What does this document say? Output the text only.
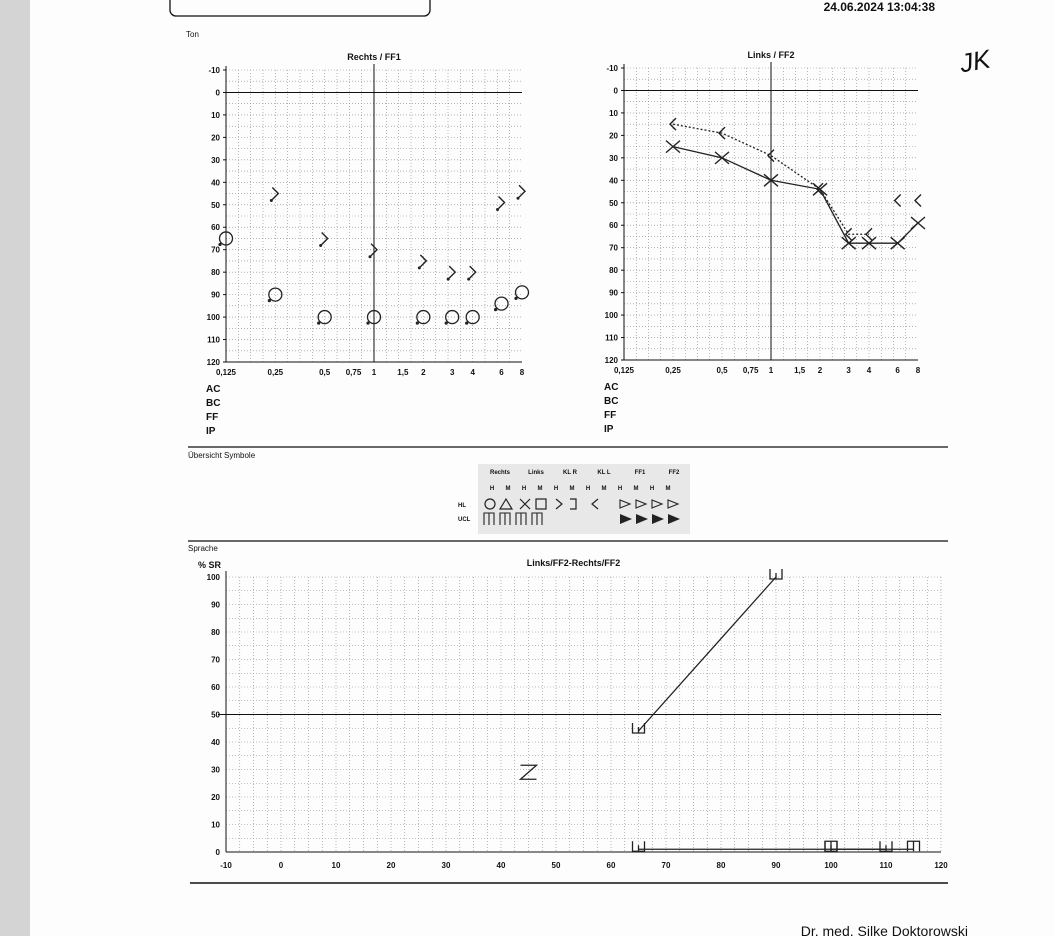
24.06.2024 13:04:38
JK
Ton
Rechts / FF1
-10
0
10
20
30
40
50
60
70
80
90
100
110
120
0,125	0,25	0,5 0,75 1	1,5 2	3 4	6 8
AC
BC
FF
IP
Links / FF2
-10
0
10
20
30
40
50
60
70
80
90
100
110
120
0,125	0,25	0,5 0,75 1	1,5 2	3 4	6 8
AC
BC
FF
IP
Übersicht Symbole
Rechts	Links	KL R	KL L	FF1	FF2
H M H M H M H M H M H M
HL
UCL
Sprache
Links/FF2-Rechts/FF2
% SR
0
10
20
30
40
50
60
70
80
90
100
-10	0	10	20	30	40	50	60	70	80	90	100	110	120
Dr. med. Silke Doktorowski
